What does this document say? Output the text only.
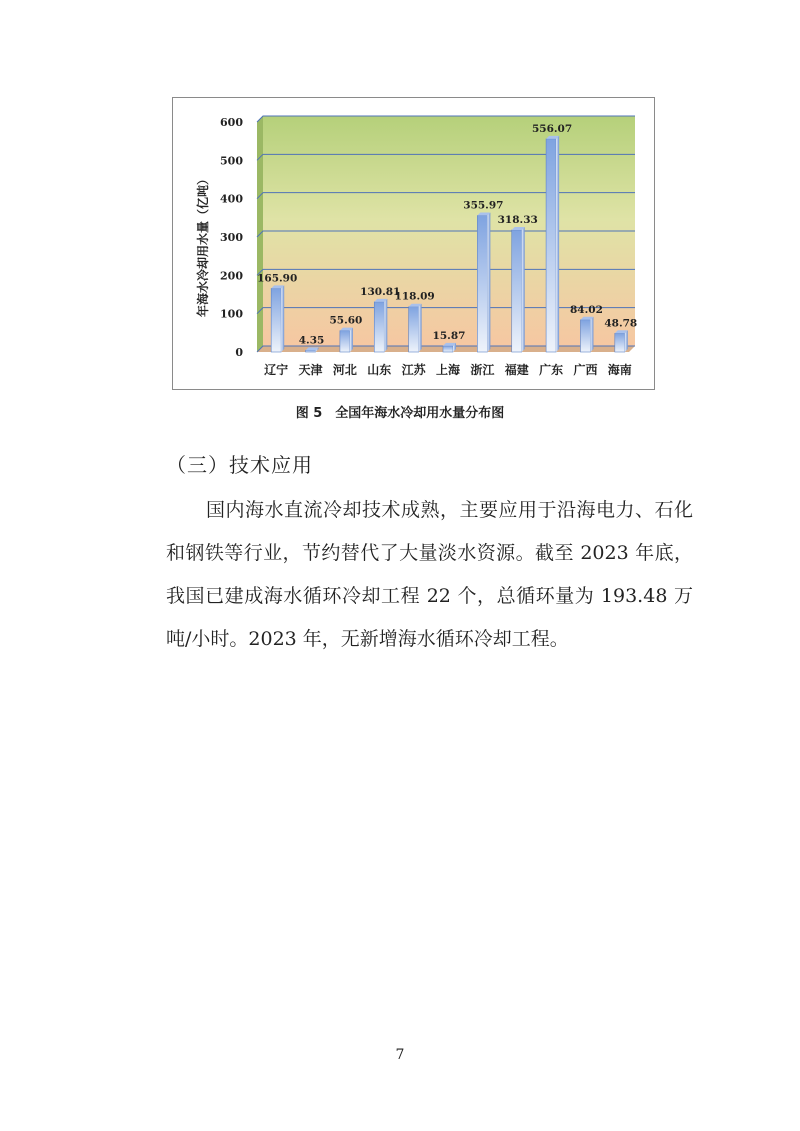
0
100
200
300
400
500
600
165.90
4.35
55.60
130.81
118.09
15.87
355.97
318.33
556.07
84.02
48.78
辽宁 天津 河北 山东 江苏 上海 浙江 福建 广东 广西 海南
年海水冷却用水量（亿吨）
图 5　全国年海水冷却用水量分布图
（三）技术应用
国内海水直流冷却技术成熟，主要应用于沿海电力、石化和钢铁等行业，节约替代了大量淡水资源。截至 2023 年底，我国已建成海水循环冷却工程 22 个，总循环量为 193.48 万吨/小时。2023 年，无新增海水循环冷却工程。
7
